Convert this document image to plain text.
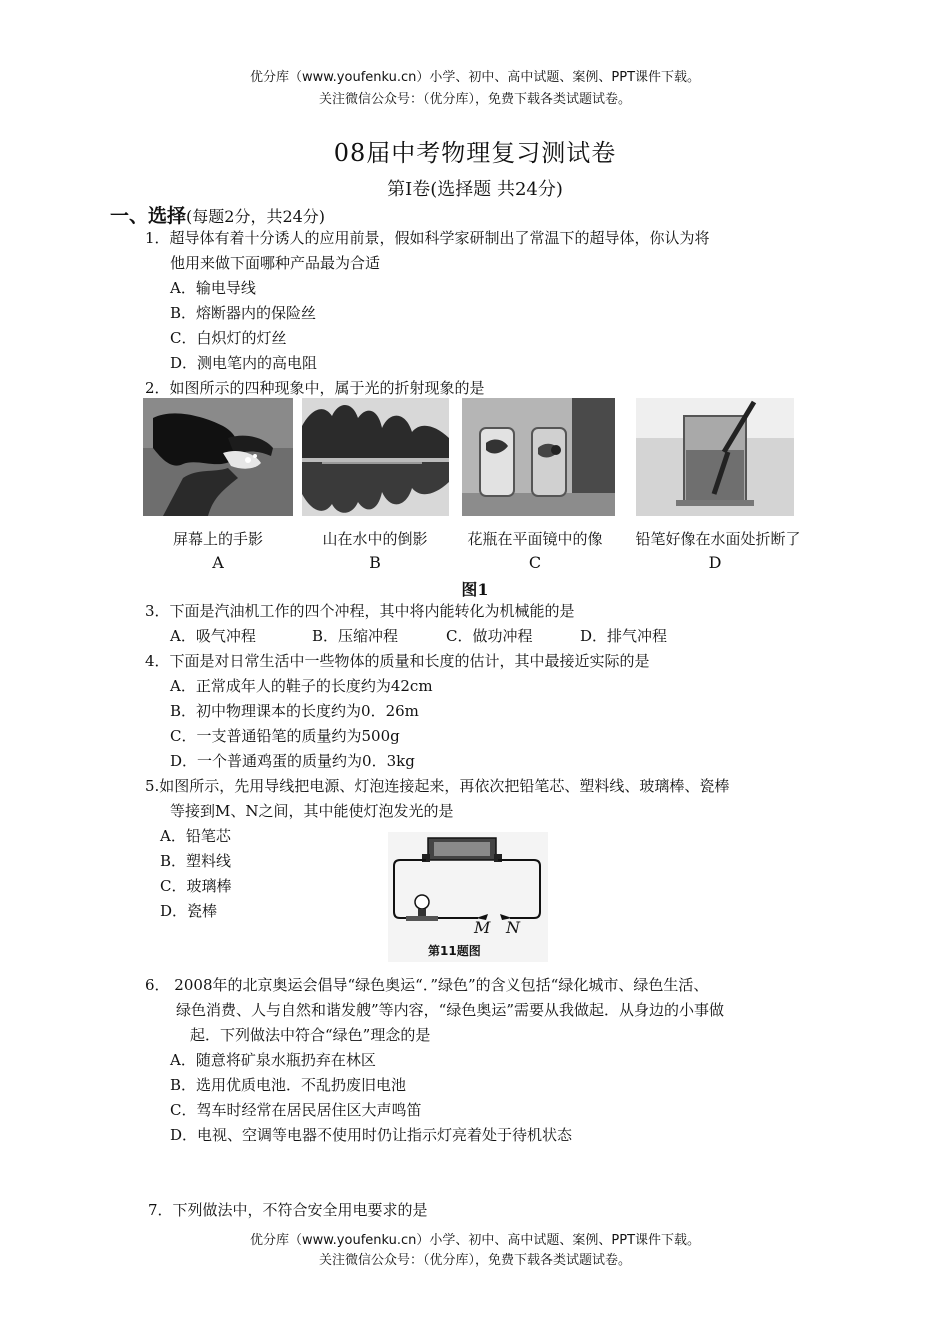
优分库（www.youfenku.cn）小学、初中、高中试题、案例、PPT课件下载。
关注微信公众号：（优分库），免费下载各类试题试卷。
08届中考物理复习测试卷
第Ⅰ卷(选择题 共24分)
一、选择(每题2分，共24分)
1．超导体有着十分诱人的应用前景，假如科学家研制出了常温下的超导体，你认为将
他用来做下面哪种产品最为合适
A．输电导线
B．熔断器内的保险丝
C．白炽灯的灯丝
D．测电笔内的高电阻
2．如图所示的四种现象中，属于光的折射现象的是
屏幕上的手影	山在水中的倒影	花瓶在平面镜中的像	铅笔好像在水面处折断了
A	B	C	D
图1
3．下面是汽油机工作的四个冲程，其中将内能转化为机械能的是
A．吸气冲程	B．压缩冲程	C．做功冲程	D．排气冲程
4．下面是对日常生活中一些物体的质量和长度的估计，其中最接近实际的是
A．正常成年人的鞋子的长度约为42cm
B．初中物理课本的长度约为0．26m
C．一支普通铅笔的质量约为500g
D．一个普通鸡蛋的质量约为0．3kg
5.如图所示，先用导线把电源、灯泡连接起来，再依次把铅笔芯、塑料线、玻璃棒、瓷棒
等接到M、N之间，其中能使灯泡发光的是
A．铅笔芯
B．塑料线
C．玻璃棒
D．瓷棒
M N
第11题图
6． 2008年的北京奥运会倡导“绿色奥运“．”绿色”的含义包括“绿化城市、绿色生活、
绿色消费、人与自然和谐发艘”等内容，“绿色奥运”需要从我做起．从身边的小事做
起．下列做法中符合“绿色”理念的是
A．随意将矿泉水瓶扔弃在林区
B．选用优质电池．不乱扔废旧电池
C．驾车时经常在居民居住区大声鸣笛
D．电视、空调等电器不使用时仍让指示灯亮着处于待机状态
7．下列做法中，不符合安全用电要求的是
优分库（www.youfenku.cn）小学、初中、高中试题、案例、PPT课件下载。
关注微信公众号：（优分库），免费下载各类试题试卷。
